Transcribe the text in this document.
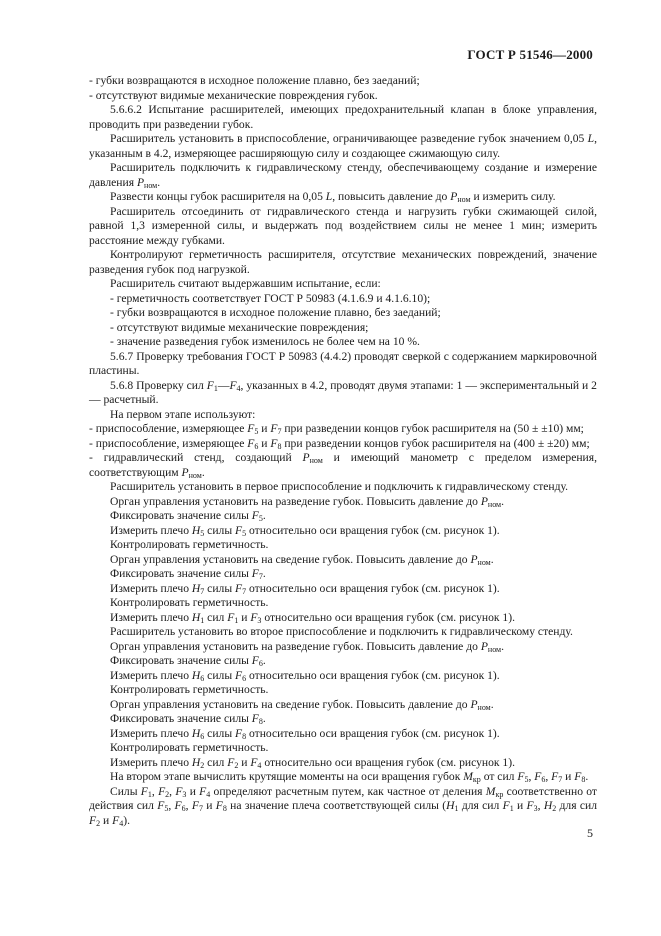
ГОСТ Р 51546—2000
- губки возвращаются в исходное положение плавно, без заеданий;
- отсутствуют видимые механические повреждения губок.
5.6.6.2 Испытание расширителей, имеющих предохранительный клапан в блоке управления, проводить при разведении губок.
Расширитель установить в приспособление, ограничивающее разведение губок значением 0,05 L, указанным в 4.2, измеряющее расширяющую силу и создающее сжимающую силу.
Расширитель подключить к гидравлическому стенду, обеспечивающему создание и измерение давления $P_{ном}$.
Развести концы губок расширителя на 0,05 L, повысить давление до $P_{ном}$ и измерить силу.
Расширитель отсоединить от гидравлического стенда и нагрузить губки сжимающей силой, равной 1,3 измеренной силы, и выдержать под воздействием силы не менее 1 мин; измерить расстояние между губками.
Контролируют герметичность расширителя, отсутствие механических повреждений, значение разведения губок под нагрузкой.
Расширитель считают выдержавшим испытание, если:
- герметичность соответствует ГОСТ Р 50983 (4.1.6.9 и 4.1.6.10);
- губки возвращаются в исходное положение плавно, без заеданий;
- отсутствуют видимые механические повреждения;
- значение разведения губок изменилось не более чем на 10 %.
5.6.7 Проверку требования ГОСТ Р 50983 (4.4.2) проводят сверкой с содержанием маркировочной пластины.
5.6.8 Проверку сил $F_1—F_4$, указанных в 4.2, проводят двумя этапами: 1 — экспериментальный и 2 — расчетный.
На первом этапе используют:
- приспособление, измеряющее $F_5$ и $F_7$ при разведении концов губок расширителя на (50 ± ±10) мм;
- приспособление, измеряющее $F_6$ и $F_8$ при разведении концов губок расширителя на (400 ± ±20) мм;
- гидравлический стенд, создающий $P_{ном}$ и имеющий манометр с пределом измерения, соответствующим $P_{ном}$.
Расширитель установить в первое приспособление и подключить к гидравлическому стенду.
Орган управления установить на разведение губок. Повысить давление до $P_{ном}$.
Фиксировать значение силы $F_5$.
Измерить плечо $H_5$ силы $F_5$ относительно оси вращения губок (см. рисунок 1).
Контролировать герметичность.
Орган управления установить на сведение губок. Повысить давление до $P_{ном}$.
Фиксировать значение силы $F_7$.
Измерить плечо $H_7$ силы $F_7$ относительно оси вращения губок (см. рисунок 1).
Контролировать герметичность.
Измерить плечо $H_1$ сил $F_1$ и $F_3$ относительно оси вращения губок (см. рисунок 1).
Расширитель установить во второе приспособление и подключить к гидравлическому стенду.
Орган управления установить на разведение губок. Повысить давление до $P_{ном}$.
Фиксировать значение силы $F_6$.
Измерить плечо $H_6$ силы $F_6$ относительно оси вращения губок (см. рисунок 1).
Контролировать герметичность.
Орган управления установить на сведение губок. Повысить давление до $P_{ном}$.
Фиксировать значение силы $F_8$.
Измерить плечо $H_6$ силы $F_8$ относительно оси вращения губок (см. рисунок 1).
Контролировать герметичность.
Измерить плечо $H_2$ сил $F_2$ и $F_4$ относительно оси вращения губок (см. рисунок 1).
На втором этапе вычислить крутящие моменты на оси вращения губок $M_{кр}$ от сил $F_5$, $F_6$, $F_7$ и $F_8$.
Силы $F_1$, $F_2$, $F_3$ и $F_4$ определяют расчетным путем, как частное от деления $M_{кр}$ соответственно от действия сил $F_5$, $F_6$, $F_7$ и $F_8$ на значение плеча соответствующей силы ($H_1$ для сил $F_1$ и $F_3$, $H_2$ для сил $F_2$ и $F_4$).
5
